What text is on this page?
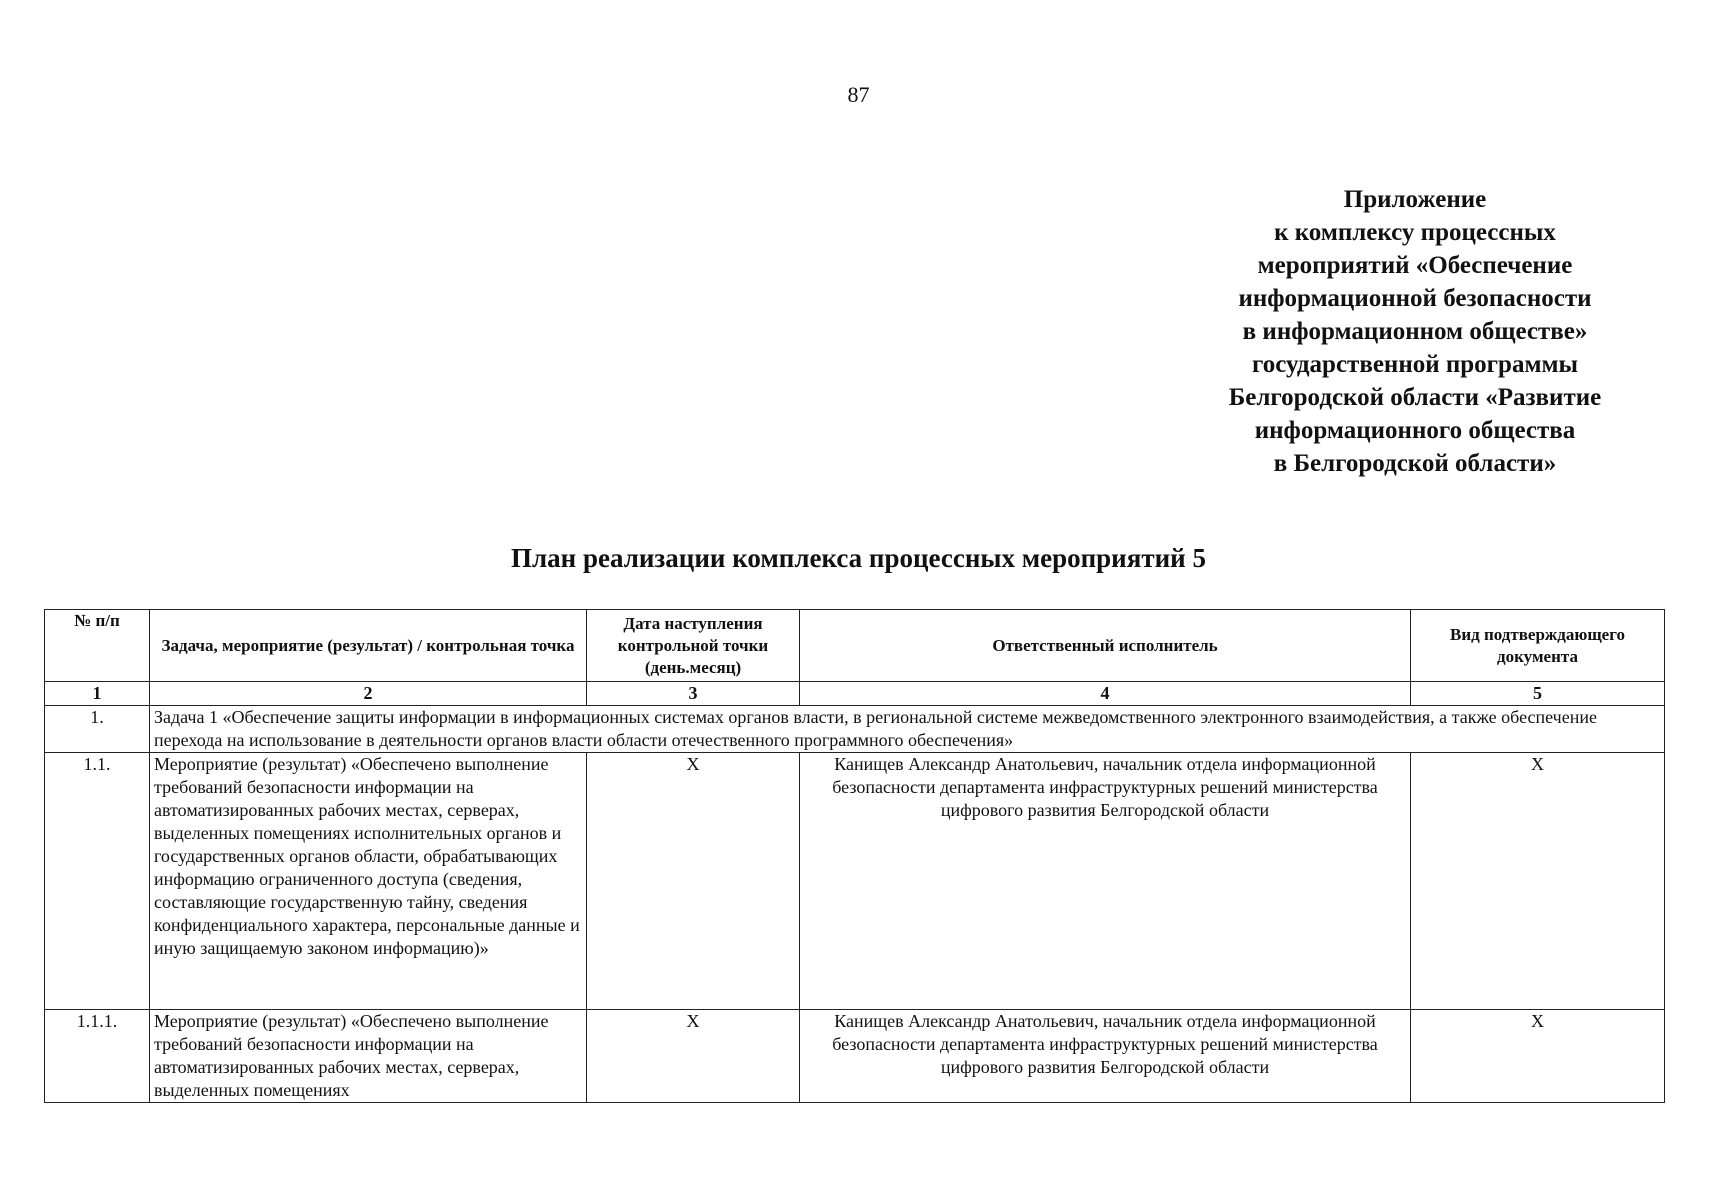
87
Приложение
к комплексу процессных
мероприятий «Обеспечение
информационной безопасности
в информационном обществе»
государственной программы
Белгородской области «Развитие
информационного общества
в Белгородской области»
План реализации комплекса процессных мероприятий 5
№ п/п	Задача, мероприятие (результат) / контрольная точка	Дата наступления контрольной точки (день.месяц)	Ответственный исполнитель	Вид подтверждающего документа
1	2	3	4	5
1.	Задача 1 «Обеспечение защиты информации в информационных системах органов власти, в региональной системе межведомственного электронного взаимодействия, а также обеспечение перехода на использование в деятельности органов власти области отечественного программного обеспечения»			
1.1.	Мероприятие (результат) «Обеспечено выполнение требований безопасности информации на автоматизированных рабочих местах, серверах, выделенных помещениях исполнительных органов и государственных органов области, обрабатывающих информацию ограниченного доступа (сведения, составляющие государственную тайну, сведения конфиденциального характера, персональные данные и иную защищаемую законом информацию)»	X	Канищев Александр Анатольевич, начальник отдела информационной безопасности департамента инфраструктурных решений министерства цифрового развития Белгородской области	X
1.1.1.	Мероприятие (результат) «Обеспечено выполнение требований безопасности информации на автоматизированных рабочих местах, серверах, выделенных помещениях	X	Канищев Александр Анатольевич, начальник отдела информационной безопасности департамента инфраструктурных решений министерства цифрового развития Белгородской области	X
